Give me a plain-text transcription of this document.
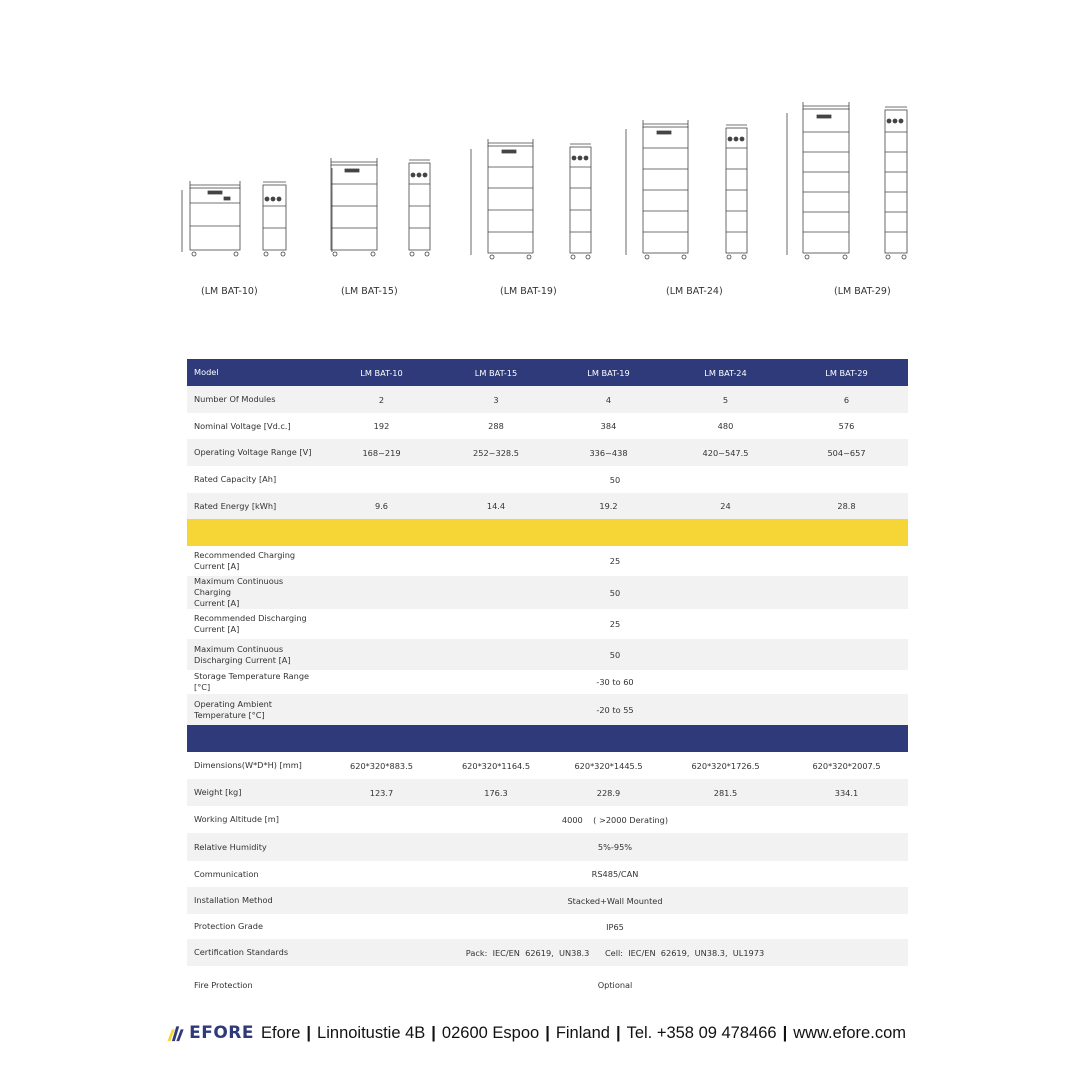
(LM BAT-10)	(LM BAT-15)	(LM BAT-19)	(LM BAT-24)	(LM BAT-29)
Model	LM BAT-10	LM BAT-15	LM BAT-19	LM BAT-24	LM BAT-29
Number Of Modules	2	3	4	5	6
Nominal Voltage [Vd.c.]	192	288	384	480	576
Operating Voltage Range [V]	168~219	252~328.5	336~438	420~547.5	504~657
Rated Capacity [Ah]	50				
Rated Energy [kWh]	9.6	14.4	19.2	24	28.8

Recommended Charging
Current [A]	25				
Maximum Continuous Charging
Current [A]	50				
Recommended Discharging
Current [A]	25				
Maximum Continuous
Discharging Current [A]	50				
Storage Temperature Range [°C]	-30 to 60				
Operating Ambient
Temperature [°C]	-20 to 55				

Dimensions(W*D*H) [mm]	620*320*883.5	620*320*1164.5	620*320*1445.5	620*320*1726.5	620*320*2007.5
Weight [kg]	123.7	176.3	228.9	281.5	334.1
Working Altitude [m]	4000    ( >2000 Derating)				
Relative Humidity	5%-95%				
Communication	RS485/CAN				
Installation Method	Stacked+Wall Mounted				
Protection Grade	IP65				
Certification Standards	Pack:  IEC/EN  62619,  UN38.3      Cell:  IEC/EN  62619,  UN38.3,  UL1973				
Fire Protection	Optional				
EFORE Efore | Linnoitustie 4B | 02600 Espoo | Finland | Tel. +358 09 478466 | www.efore.com
